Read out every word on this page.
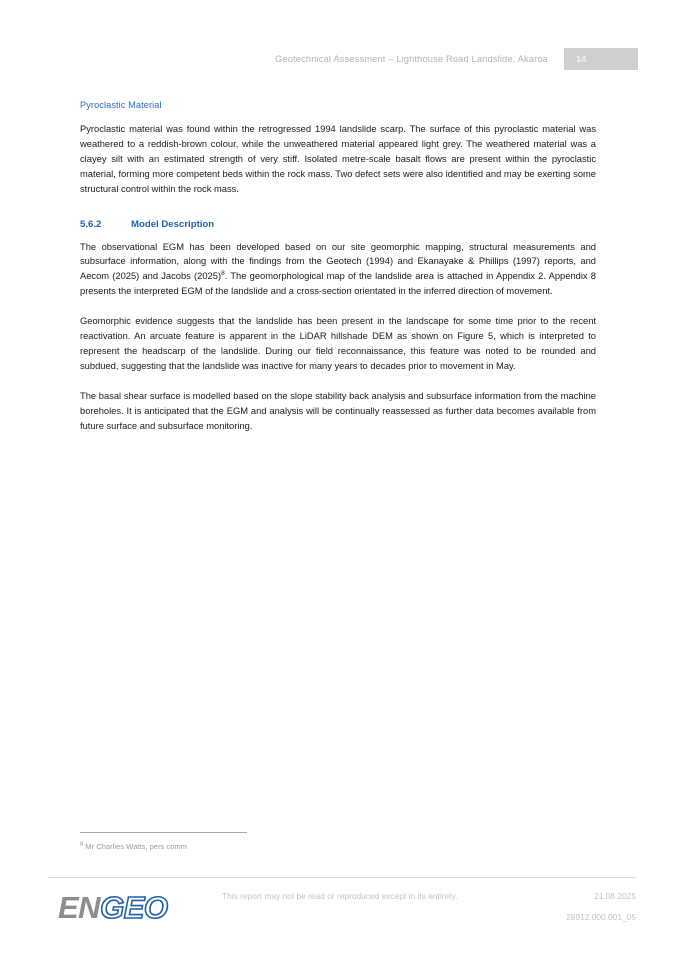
Geotechnical Assessment – Lighthouse Road Landslide, Akaroa	14
Pyroclastic Material

Pyroclastic material was found within the retrogressed 1994 landslide scarp. The surface of this pyroclastic material was weathered to a reddish-brown colour, while the unweathered material appeared light grey. The weathered material was a clayey silt with an estimated strength of very stiff. Isolated metre-scale basalt flows are present within the pyroclastic material, forming more competent beds within the rock mass. Two defect sets were also identified and may be exerting some structural control within the rock mass.

5.6.2	Model Description

The observational EGM has been developed based on our site geomorphic mapping, structural measurements and subsurface information, along with the findings from the Geotech (1994) and Ekanayake & Phillips (1997) reports, and Aecom (2025) and Jacobs (2025)$^8$. The geomorphological map of the landslide area is attached in Appendix 2. Appendix 8 presents the interpreted EGM of the landslide and a cross-section orientated in the inferred direction of movement.

Geomorphic evidence suggests that the landslide has been present in the landscape for some time prior to the recent reactivation. An arcuate feature is apparent in the LiDAR hillshade DEM as shown on Figure 5, which is interpreted to represent the headscarp of the landslide. During our field reconnaissance, this feature was noted to be rounded and subdued, suggesting that the landslide was inactive for many years to decades prior to movement in May.

The basal shear surface is modelled based on the slope stability back analysis and subsurface information from the machine boreholes. It is anticipated that the EGM and analysis will be continually reassessed as further data becomes available from future surface and subsurface monitoring.

$^8$ Mr Charlies Watts, pers comm
ENGEO	This report may not be read or reproduced except in its entirety.	21.08.2025
28912.000.001_05
